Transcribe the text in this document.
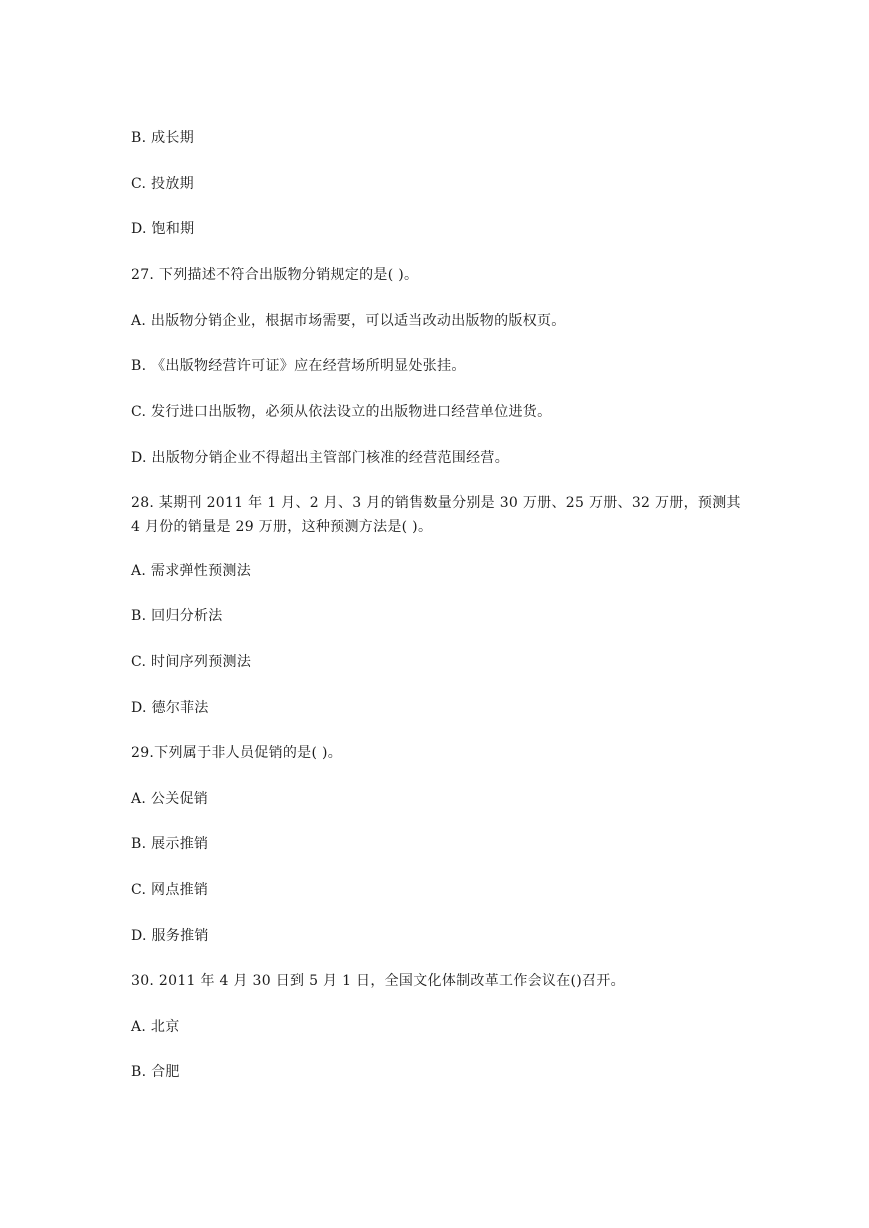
B. 成长期
C. 投放期
D. 饱和期
27. 下列描述不符合出版物分销规定的是( )。
A. 出版物分销企业，根据市场需要，可以适当改动出版物的版权页。
B. 《出版物经营许可证》应在经营场所明显处张挂。
C. 发行进口出版物，必须从依法设立的出版物进口经营单位进货。
D. 出版物分销企业不得超出主管部门核准的经营范围经营。
28. 某期刊 2011 年 1 月、2 月、3 月的销售数量分别是 30 万册、25 万册、32 万册，预测其
4 月份的销量是 29 万册，这种预测方法是( )。
A. 需求弹性预测法
B. 回归分析法
C. 时间序列预测法
D. 德尔菲法
29.下列属于非人员促销的是( )。
A. 公关促销
B. 展示推销
C. 网点推销
D. 服务推销
30. 2011 年 4 月 30 日到 5 月 1 日，全国文化体制改革工作会议在()召开。
A. 北京
B. 合肥
